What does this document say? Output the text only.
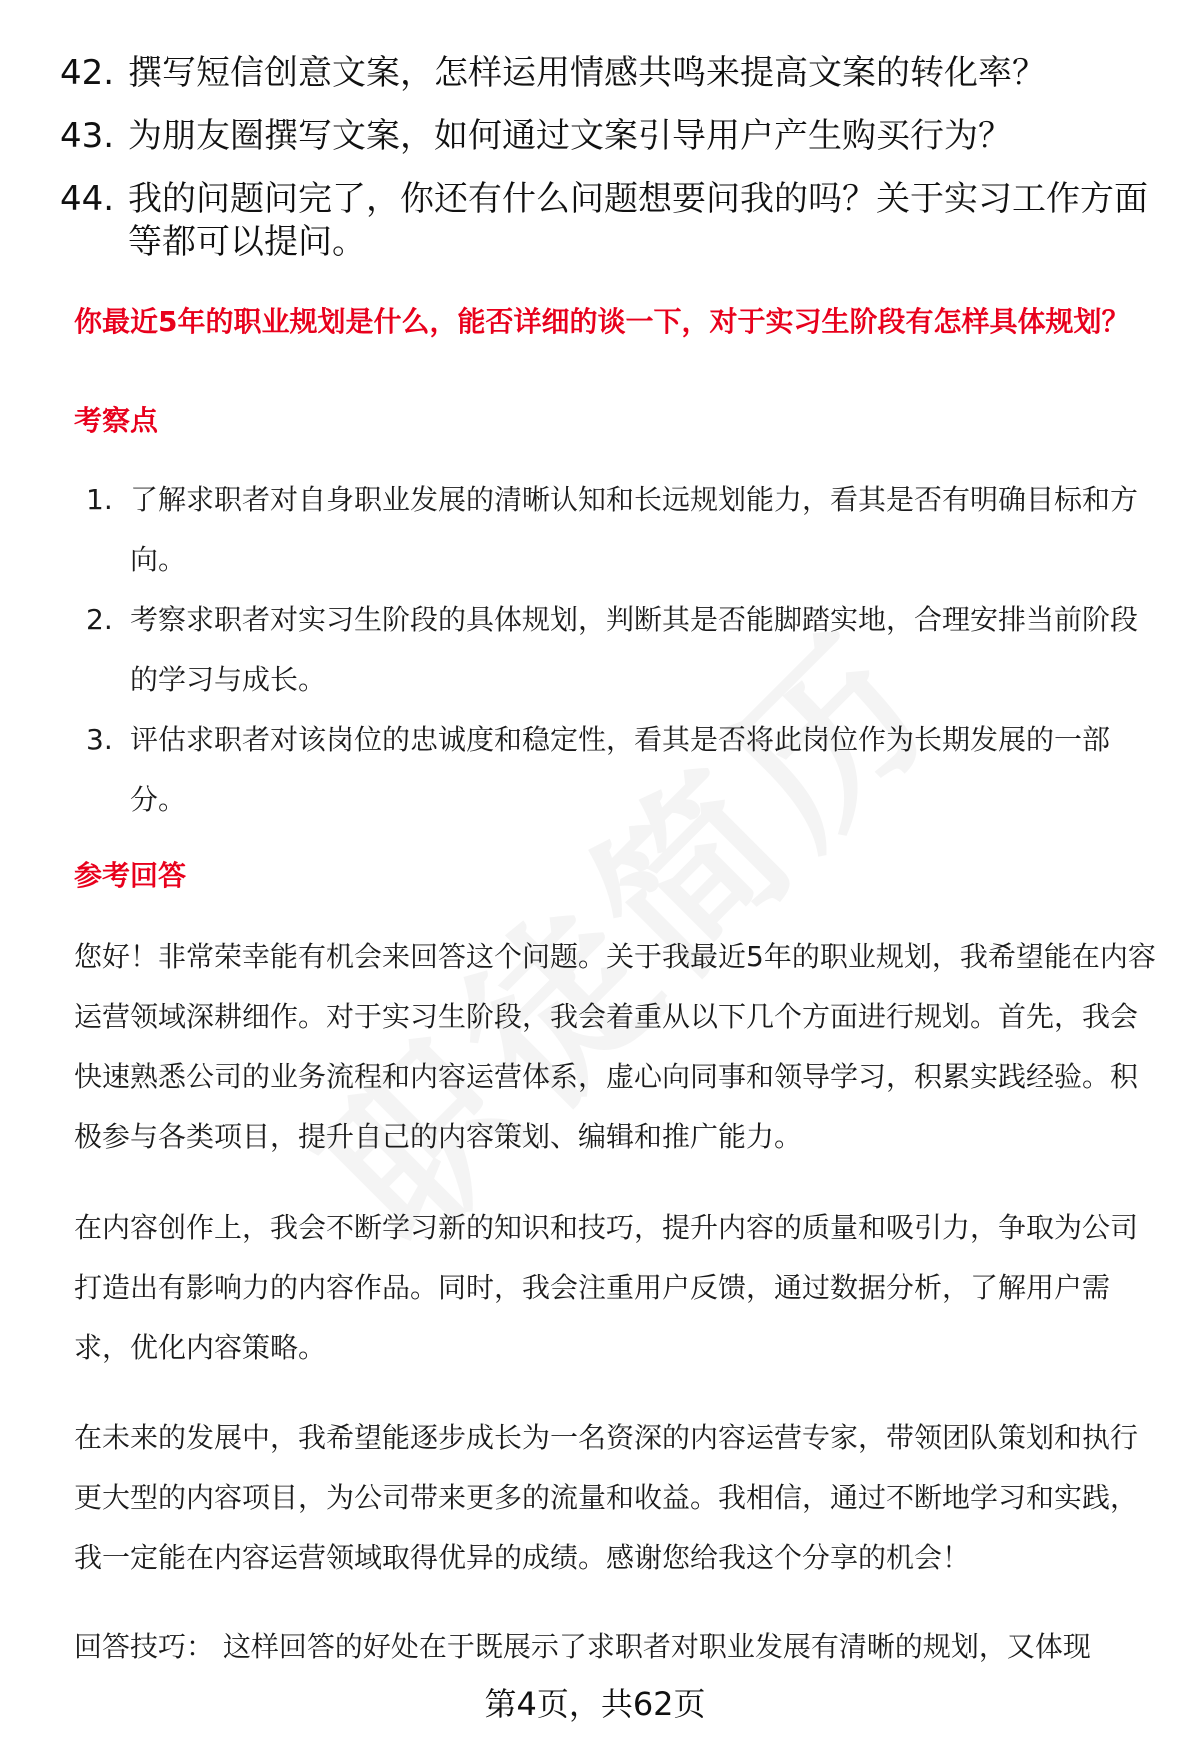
42. 撰写短信创意文案，怎样运用情感共鸣来提高文案的转化率？
43. 为朋友圈撰写文案，如何通过文案引导用户产生购买行为？
44. 我的问题问完了，你还有什么问题想要问我的吗？关于实习工作方面等都可以提问。
你最近5年的职业规划是什么，能否详细的谈一下，对于实习生阶段有怎样具体规划？
考察点
1. 了解求职者对自身职业发展的清晰认知和长远规划能力，看其是否有明确目标和方向。
2. 考察求职者对实习生阶段的具体规划，判断其是否能脚踏实地，合理安排当前阶段的学习与成长。
3. 评估求职者对该岗位的忠诚度和稳定性，看其是否将此岗位作为长期发展的一部分。
参考回答

您好！非常荣幸能有机会来回答这个问题。关于我最近5年的职业规划，我希望能在内容运营领域深耕细作。对于实习生阶段，我会着重从以下几个方面进行规划。首先，我会快速熟悉公司的业务流程和内容运营体系，虚心向同事和领导学习，积累实践经验。积极参与各类项目，提升自己的内容策划、编辑和推广能力。

在内容创作上，我会不断学习新的知识和技巧，提升内容的质量和吸引力，争取为公司打造出有影响力的内容作品。同时，我会注重用户反馈，通过数据分析，了解用户需求，优化内容策略。

在未来的发展中，我希望能逐步成长为一名资深的内容运营专家，带领团队策划和执行更大型的内容项目，为公司带来更多的流量和收益。我相信，通过不断地学习和实践，我一定能在内容运营领域取得优异的成绩。感谢您给我这个分享的机会！

回答技巧： 这样回答的好处在于既展示了求职者对职业发展有清晰的规划，又体现

第4页，共62页
